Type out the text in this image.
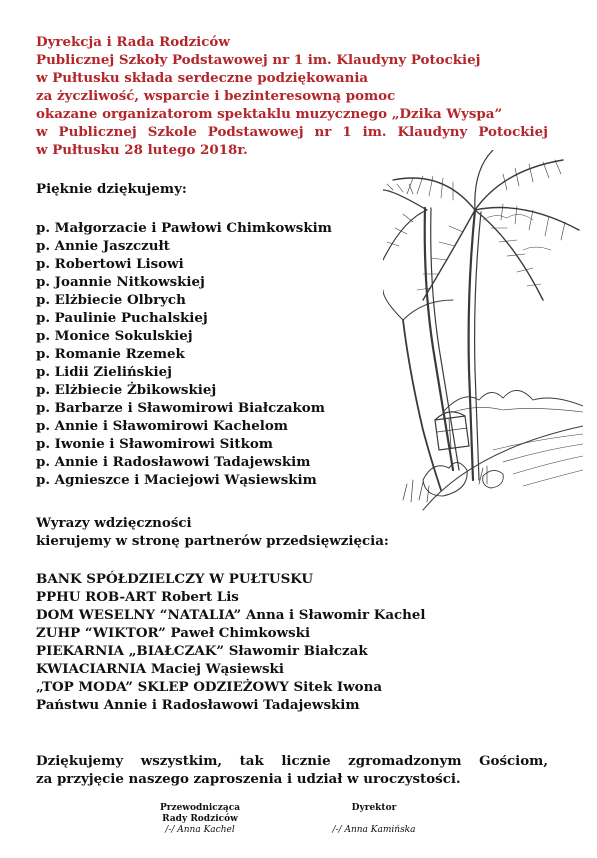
Dyrekcja i Rada Rodziców
Publicznej Szkoły Podstawowej nr 1 im. Klaudyny Potockiej
w Pułtusku składa serdeczne podziękowania
za życzliwość, wsparcie i bezinteresowną pomoc
okazane organizatorom spektaklu muzycznego „Dzika Wyspa”
w Publicznej Szkole Podstawowej nr 1 im. Klaudyny Potockiej
w Pułtusku 28 lutego 2018r.
Pięknie dziękujemy:
p. Małgorzacie i Pawłowi Chimkowskim
p. Annie Jaszczułt
p. Robertowi Lisowi
p. Joannie Nitkowskiej
p. Elżbiecie Olbrych
p. Paulinie Puchalskiej
p. Monice Sokulskiej
p. Romanie Rzemek
p. Lidii Zielińskiej
p. Elżbiecie Żbikowskiej
p. Barbarze i Sławomirowi Białczakom
p. Annie i Sławomirowi Kachelom
p. Iwonie i Sławomirowi Sitkom
p. Annie i Radosławowi Tadajewskim
p. Agnieszce i Maciejowi Wąsiewskim
Wyrazy wdzięczności
kierujemy w stronę partnerów przedsięwzięcia:
BANK SPÓŁDZIELCZY W PUŁTUSKU
PPHU ROB-ART Robert Lis
DOM WESELNY “NATALIA” Anna i Sławomir Kachel
ZUHP “WIKTOR” Paweł Chimkowski
PIEKARNIA „BIAŁCZAK” Sławomir Białczak
KWIACIARNIA Maciej Wąsiewski
„TOP MODA” SKLEP ODZIEŻOWY Sitek Iwona
Państwu Annie i Radosławowi Tadajewskim
Dziękujemy wszystkim, tak licznie zgromadzonym Gościom,
za przyjęcie naszego zaproszenia i udział w uroczystości.
Przewodnicząca
Rady Rodziców
/-/ Anna Kachel
Dyrektor
/-/ Anna Kamińska
